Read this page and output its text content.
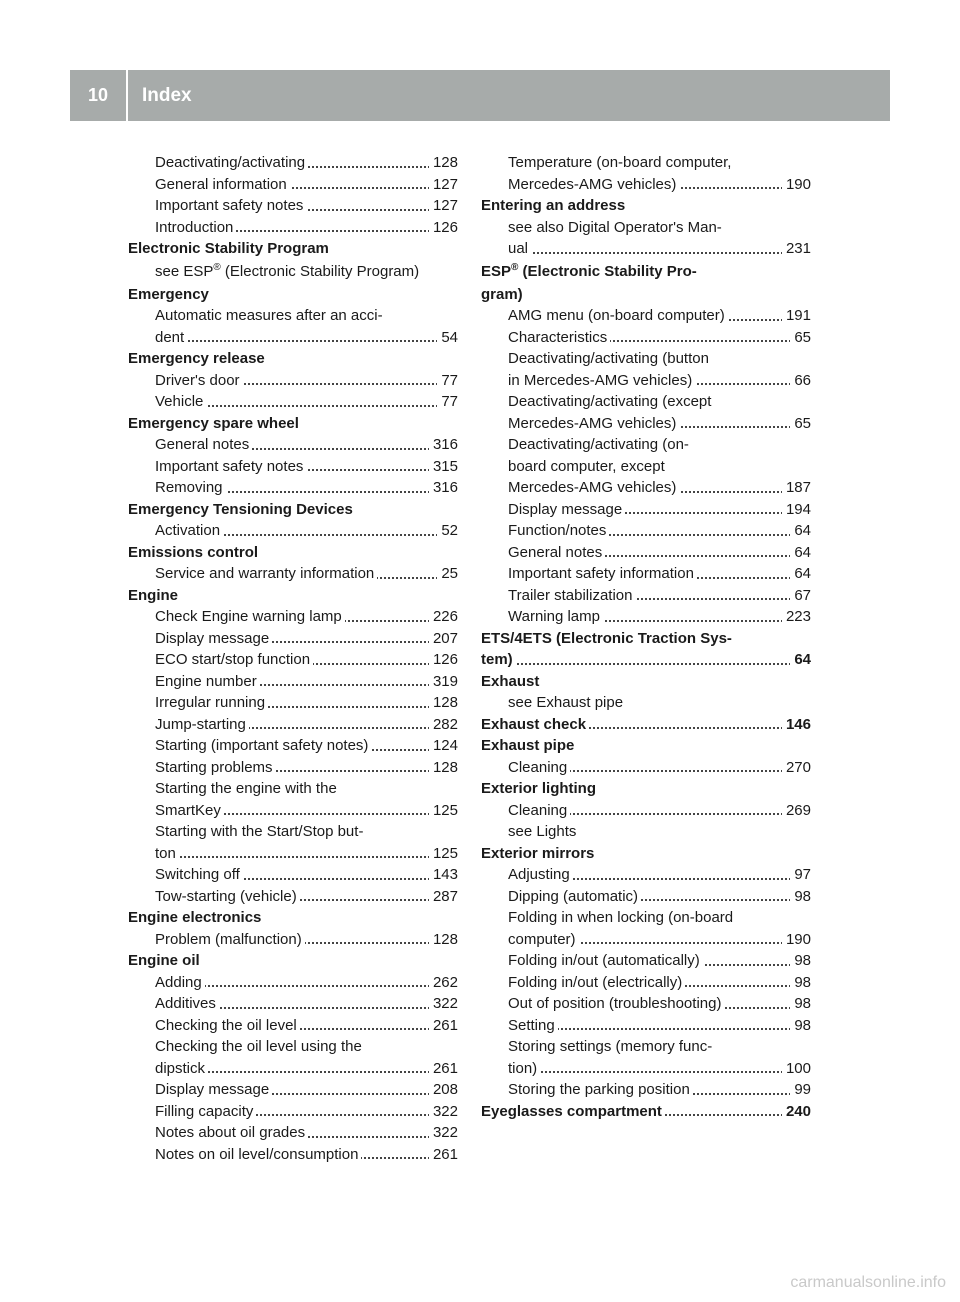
10	Index
Deactivating/activating	128
General information	127
Important safety notes	127
Introduction	126
Electronic Stability Program
see ESP® (Electronic Stability Program)
Emergency
Automatic measures after an acci-
dent	54
Emergency release
Driver's door	77
Vehicle	77
Emergency spare wheel
General notes	316
Important safety notes	315
Removing	316
Emergency Tensioning Devices
Activation	52
Emissions control
Service and warranty information	25
Engine
Check Engine warning lamp	226
Display message	207
ECO start/stop function	126
Engine number	319
Irregular running	128
Jump-starting	282
Starting (important safety notes)	124
Starting problems	128
Starting the engine with the
SmartKey	125
Starting with the Start/Stop but-
ton	125
Switching off	143
Tow-starting (vehicle)	287
Engine electronics
Problem (malfunction)	128
Engine oil
Adding	262
Additives	322
Checking the oil level	261
Checking the oil level using the
dipstick	261
Display message	208
Filling capacity	322
Notes about oil grades	322
Notes on oil level/consumption	261
Temperature (on-board computer,
Mercedes-AMG vehicles)	190
Entering an address
see also Digital Operator's Man-
ual	231
ESP® (Electronic Stability Pro-
gram)
AMG menu (on-board computer)	191
Characteristics	65
Deactivating/activating (button
in Mercedes-AMG vehicles)	66
Deactivating/activating (except
Mercedes-AMG vehicles)	65
Deactivating/activating (on-
board computer, except
Mercedes-AMG vehicles)	187
Display message	194
Function/notes	64
General notes	64
Important safety information	64
Trailer stabilization	67
Warning lamp	223
ETS/4ETS (Electronic Traction Sys-
tem)	64
Exhaust
see Exhaust pipe
Exhaust check	146
Exhaust pipe
Cleaning	270
Exterior lighting
Cleaning	269
see Lights
Exterior mirrors
Adjusting	97
Dipping (automatic)	98
Folding in when locking (on-board
computer)	190
Folding in/out (automatically)	98
Folding in/out (electrically)	98
Out of position (troubleshooting)	98
Setting	98
Storing settings (memory func-
tion)	100
Storing the parking position	99
Eyeglasses compartment	240
carmanualsonline.info
